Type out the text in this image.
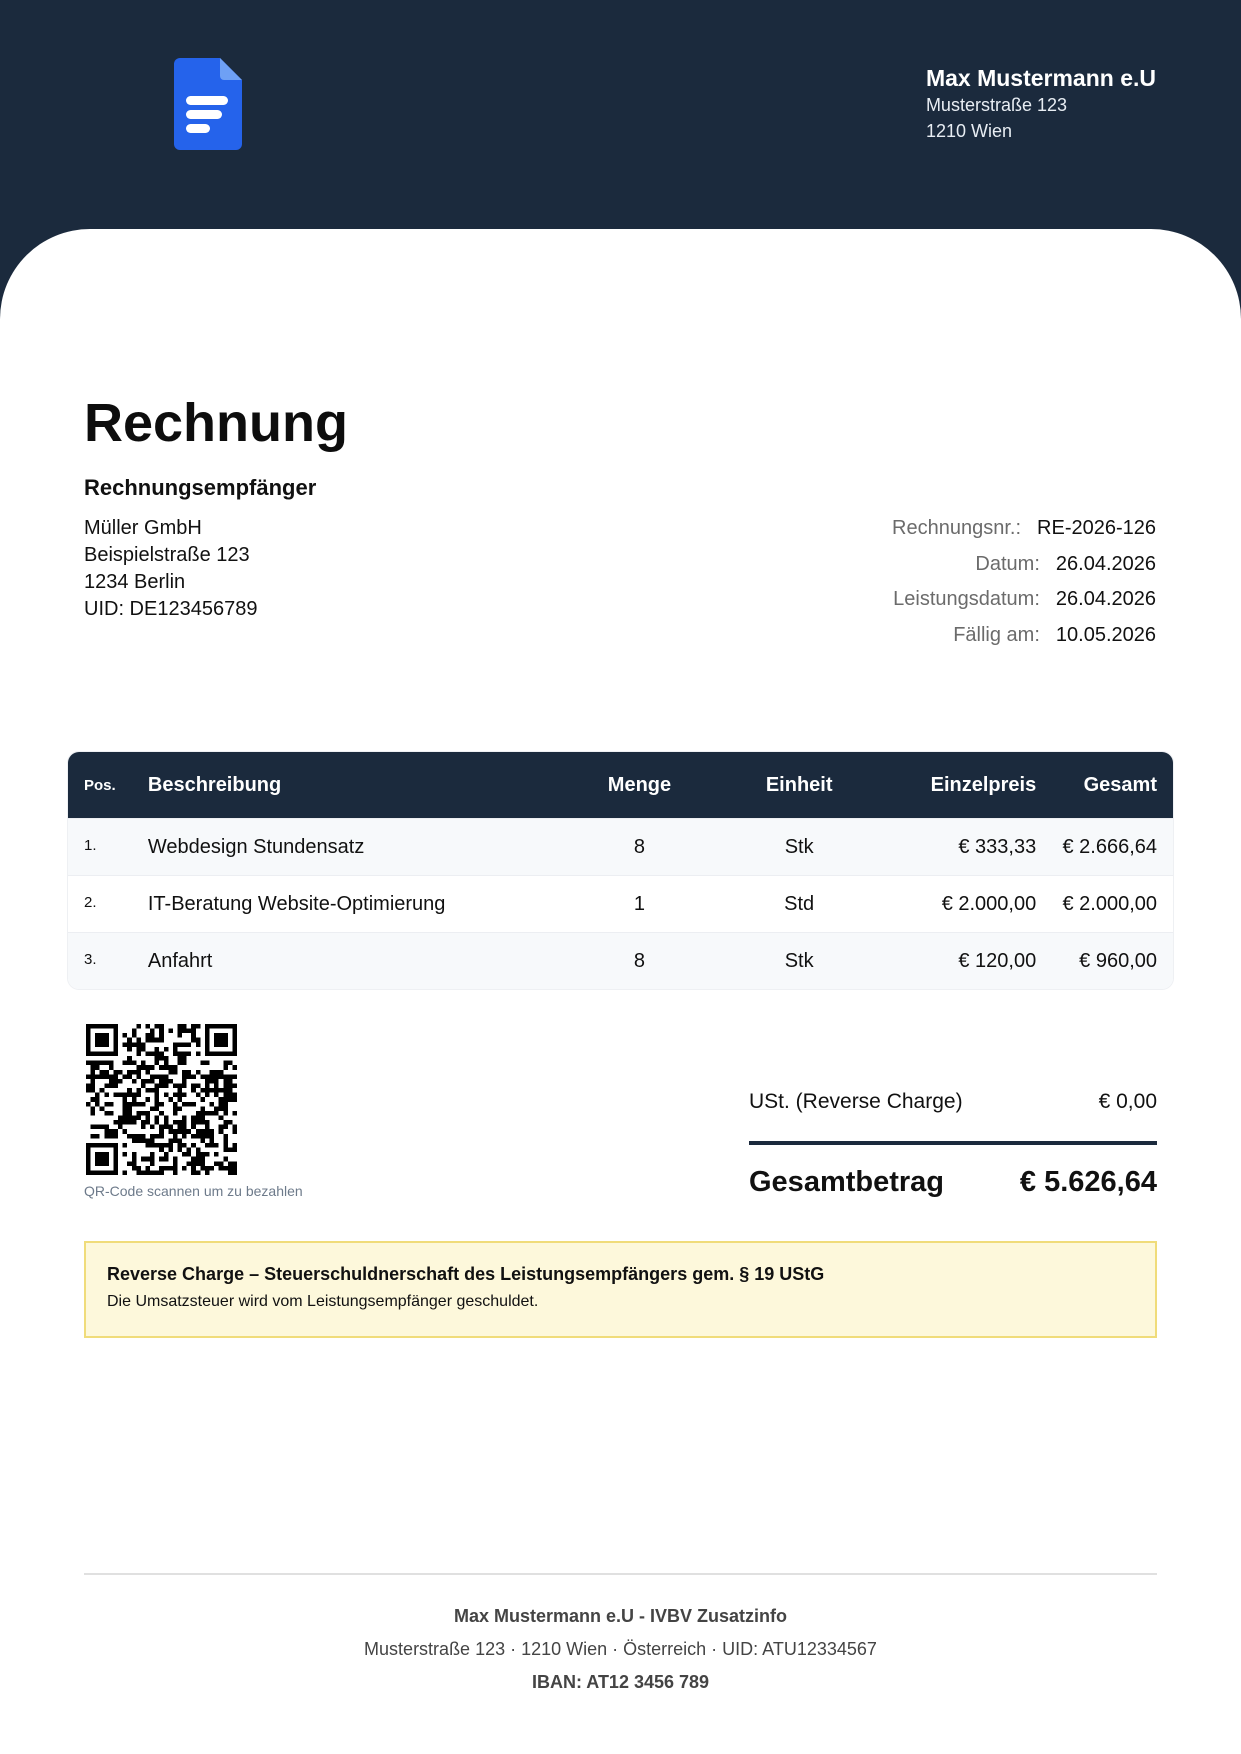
Max Mustermann e.U
Musterstraße 123
1210 Wien
Rechnung
Rechnungsempfänger
Müller GmbH
Beispielstraße 123
1234 Berlin
UID: DE123456789
Rechnungsnr.: RE-2026-126
Datum: 26.04.2026
Leistungsdatum: 26.04.2026
Fällig am: 10.05.2026
Pos.	Beschreibung	Menge	Einheit	Einzelpreis	Gesamt
1.	Webdesign Stundensatz	8	Stk	€ 333,33	€ 2.666,64
2.	IT-Beratung Website-Optimierung	1	Std	€ 2.000,00	€ 2.000,00
3.	Anfahrt	8	Stk	€ 120,00	€ 960,00
QR-Code scannen um zu bezahlen
USt. (Reverse Charge)	€ 0,00
Gesamtbetrag	€ 5.626,64
Reverse Charge – Steuerschuldnerschaft des Leistungsempfängers gem. § 19 UStG
Die Umsatzsteuer wird vom Leistungsempfänger geschuldet.
Max Mustermann e.U - IVBV Zusatzinfo
Musterstraße 123 · 1210 Wien · Österreich · UID: ATU12334567
IBAN: AT12 3456 789
